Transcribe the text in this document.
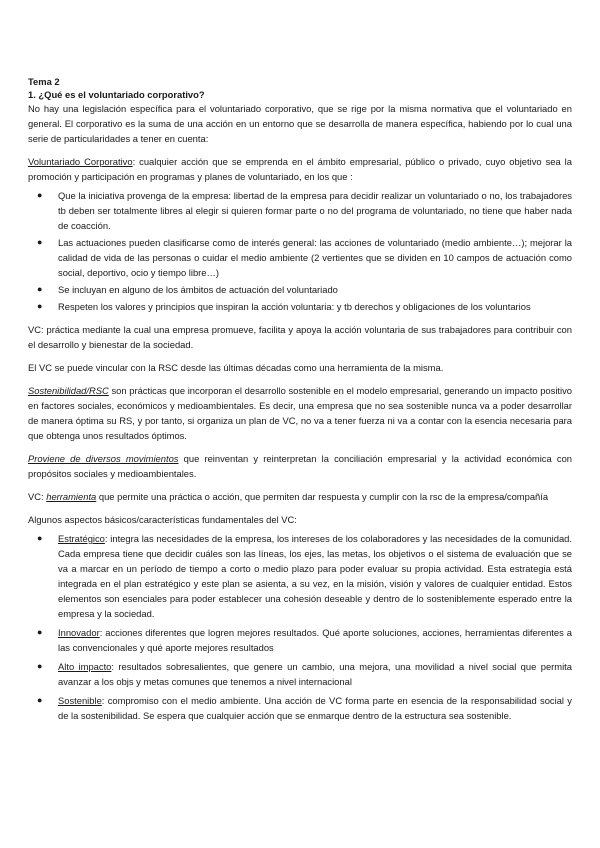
Tema 2
1. ¿Qué es el voluntariado corporativo?

No hay una legislación específica para el voluntariado corporativo, que se rige por la misma normativa que el voluntariado en general. El corporativo es la suma de una acción en un entorno que se desarrolla de manera específica, habiendo por lo cual una serie de particularidades a tener en cuenta:

Voluntariado Corporativo: cualquier acción que se emprenda en el ámbito empresarial, público o privado, cuyo objetivo sea la promoción y participación en programas y planes de voluntariado, en los que :

● Que la iniciativa provenga de la empresa: libertad de la empresa para decidir realizar un voluntariado o no, los trabajadores tb deben ser totalmente libres al elegir si quieren formar parte o no del programa de voluntariado, no tiene que haber nada de coacción.
● Las actuaciones pueden clasificarse como de interés general: las acciones de voluntariado (medio ambiente…); mejorar la calidad de vida de las personas o cuidar el medio ambiente (2 vertientes que se dividen en 10 campos de actuación como social, deportivo, ocio y tiempo libre…)
● Se incluyan en alguno de los ámbitos de actuación del voluntariado
● Respeten los valores y principios que inspiran la acción voluntaria: y tb derechos y obligaciones de los voluntarios

VC: práctica mediante la cual una empresa promueve, facilita y apoya la acción voluntaria de sus trabajadores para contribuir con el desarrollo y bienestar de la sociedad.

El VC se puede vincular con la RSC desde las últimas décadas como una herramienta de la misma.

Sostenibilidad/RSC son prácticas que incorporan el desarrollo sostenible en el modelo empresarial, generando un impacto positivo en factores sociales, económicos y medioambientales. Es decir, una empresa que no sea sostenible nunca va a poder desarrollar de manera óptima su RS, y por tanto, si organiza un plan de VC, no va a tener fuerza ni va a contar con la esencia necesaria para que obtenga unos resultados óptimos.

Proviene de diversos movimientos que reinventan y reinterpretan la conciliación empresarial y la actividad económica con propósitos sociales y medioambientales.

VC: herramienta que permite una práctica o acción, que permiten dar respuesta y cumplir con la rsc de la empresa/compañía

Algunos aspectos básicos/características fundamentales del VC:

● Estratégico: integra las necesidades de la empresa, los intereses de los colaboradores y las necesidades de la comunidad. Cada empresa tiene que decidir cuáles son las líneas, los ejes, las metas, los objetivos o el sistema de evaluación que se va a marcar en un período de tiempo a corto o medio plazo para poder evaluar su propia actividad. Esta estrategia está integrada en el plan estratégico y este plan se asienta, a su vez, en la misión, visión y valores de cualquier entidad. Estos elementos son esenciales para poder establecer una cohesión deseable y dentro de lo sosteniblemente esperado entre la empresa y la sociedad.
● Innovador: acciones diferentes que logren mejores resultados. Qué aporte soluciones, acciones, herramientas diferentes a las convencionales y qué aporte mejores resultados
● Alto impacto: resultados sobresalientes, que genere un cambio, una mejora, una movilidad a nivel social que permita avanzar a los objs y metas comunes que tenemos a nivel internacional
● Sostenible: compromiso con el medio ambiente. Una acción de VC forma parte en esencia de la responsabilidad social y de la sostenibilidad. Se espera que cualquier acción que se enmarque dentro de la estructura sea sostenible.
